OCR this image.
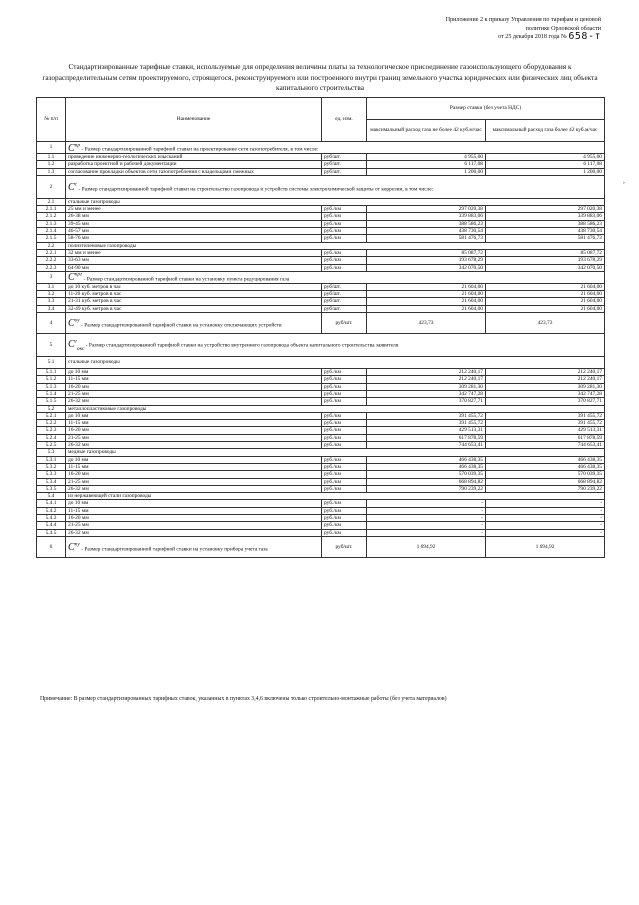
Приложение 2 к приказу Управления по тарифам и ценовой
политике Орловской области
от 25 декабря 2018 года № 658-т
Стандартизированные тарифные ставки, используемые для определения величины платы за технологическое присоединение газоиспользующего оборудования к газораспределительным сетям проектируемого, строящегося, реконструируемого или построенного внутри границ земельного участка юридических или физических лиц объекта капитального строительства
№ п/п	Наименование	ед. изм.	Размер ставки (без учета НДС)	
			максимальный расход газа не более 42 куб.м/час	максимальный расход газа более 42 куб.м/час
1	$С^{пр}$ - Размер стандартизированной тарифной ставки на проектирование сети газопотребителя, в том числе:			
1.1	проведение инженерно-геологических изысканий	руб/шт.	4 955,00	4 955,00
1.2	разработка проектной и рабочей документации	руб/шт.	6 117,08	6 117,08
1.3	согласование прокладки объектов сети газопотребления с владельцами смежных	руб/шт.	1 200,00	1 200,00
2	$С^с$ - Размер стандартизированной тарифной ставки на строительство газопровода и устройств системы электрохимической защиты от коррозии, в том числе:			
2.1	стальные газопроводы			
2.1.1	25 мм и менее	руб./км	297 020,38	297 020,38
2.1.2	26-38 мм	руб./км	339 883,06	339 883,06
2.1.3	39-45 мм	руб./км	388 586,23	388 586,23
2.1.4	46-57 мм	руб./км	438 730,54	438 730,54
2.1.5	58-76 мм	руб./км	581 476,73	581 476,73
2.2	полиэтиленовые газопроводы			
2.2.1	32 мм и менее	руб./км	85 087,72	85 087,72
2.2.2	33-63 мм	руб./км	193 678,29	193 678,29
2.2.3	64-90 мм	руб./км	342 070,50	342 070,50
3	$С^{прг}$ - Размер стандартизированной тарифной ставки на установку пункта редуцирования газа			
3.1	до 10 куб. метров в час	руб/шт.	21 604,00	21 604,00
3.2	11-20 куб. метров в час	руб/шт.	21 604,00	21 604,00
3.3	21-31 куб. метров в час	руб/шт.	21 604,00	21 604,00
3.4	32-49 куб. метров в час	руб/шт.	21 604,00	21 604,00
4	$С^{оу}$ - Размер стандартизированной тарифной ставки на установку отключающих устройств	руб/шт.	423,73	423,73
5	$С^г_{окс}$ - Размер стандартизированной тарифной ставки на устройство внутреннего газопровода объекта капитального строительства заявителя			
5.1	стальные газопроводы			
5.1.1	до 10 мм	руб./км	212 240,17	212 240,17
5.1.2	11-15 мм	руб./км	212 240,17	212 240,17
5.1.3	16-20 мм	руб./км	309 281,30	309 281,30
5.1.4	21-25 мм	руб./км	342 747,28	342 747,28
5.1.5	26-32 мм	руб./км	370 827,71	370 827,71
5.2	металлопластиковые газопроводы			
5.2.1	до 10 мм	руб./км	391 455,72	391 455,72
5.2.2	11-15 мм	руб./км	391 455,72	391 455,72
5.2.3	16-20 мм	руб./км	429 513,31	429 513,31
5.2.4	21-25 мм	руб./км	617 878,59	617 878,59
5.2.5	26-32 мм	руб./км	744 653,41	744 653,41
5.3	медные газопроводы			
5.3.1	до 10 мм	руб./км	466 438,35	466 438,35
5.3.2	11-15 мм	руб./км	466 438,35	466 438,35
5.3.3	16-20 мм	руб./км	570 039,35	570 039,35
5.3.4	21-25 мм	руб./км	668 894,82	668 894,82
5.3.5	26-32 мм	руб./км	790 239,22	790 239,22
5.4	из нержавеющей стали газопроводы			
5.4.1	до 10 мм	руб./км	-	-
5.4.2	11-15 мм	руб./км	-	-
5.4.3	16-20 мм	руб./км	-	-
5.4.4	21-25 мм	руб./км	-	-
5.4.5	26-32 мм	руб./км	-	-
6	$С^{пу}$ - Размер стандартизированной тарифной ставки на установку прибора учета газа	руб/шт.	1 694,92	1 694,92
¸
Примечание: В размер стандартизированных тарифных ставок, указанных в пунктах 3,4,6 включены только строительно-монтажные работы (без учета материалов)
